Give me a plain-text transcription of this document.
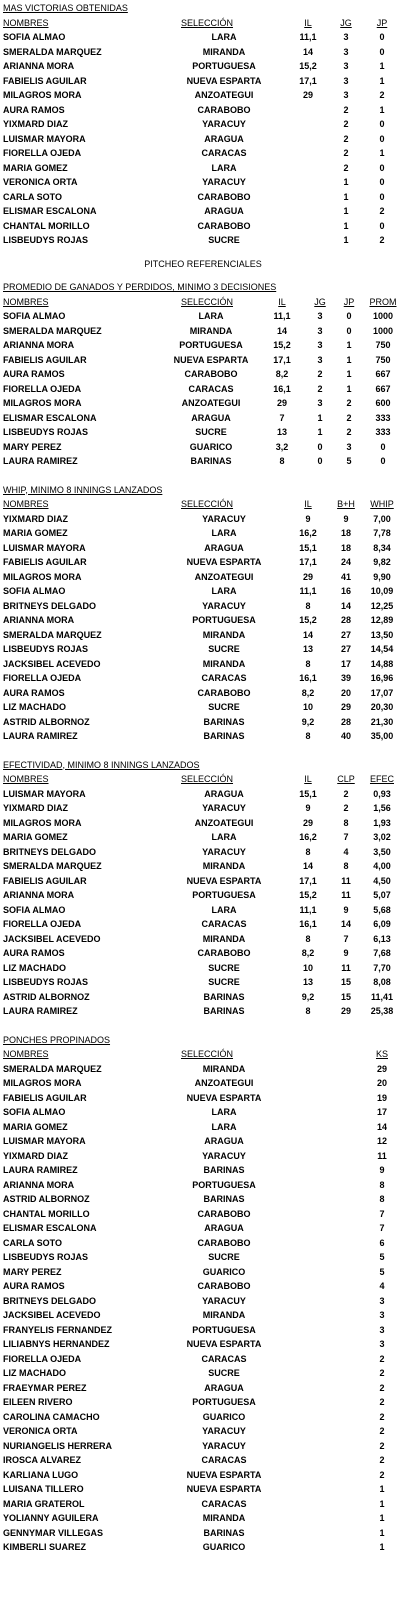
MAS VICTORIAS OBTENIDAS
NOMBRES	SELECCIÓN	IL	JG	JP
SOFIA ALMAO	LARA	11,1	3	0
SMERALDA MARQUEZ	MIRANDA	14	3	0
ARIANNA MORA	PORTUGUESA	15,2	3	1
FABIELIS AGUILAR	NUEVA ESPARTA	17,1	3	1
MILAGROS MORA	ANZOATEGUI	29	3	2
AURA RAMOS	CARABOBO		2	1
YIXMARD DIAZ	YARACUY		2	0
LUISMAR MAYORA	ARAGUA		2	0
FIORELLA OJEDA	CARACAS		2	1
MARIA GOMEZ	LARA		2	0
VERONICA ORTA	YARACUY		1	0
CARLA SOTO	CARABOBO		1	0
ELISMAR ESCALONA	ARAGUA		1	2
CHANTAL MORILLO	CARABOBO		1	0
LISBEUDYS ROJAS	SUCRE		1	2
PITCHEO REFERENCIALES
PROMEDIO DE GANADOS Y PERDIDOS, MINIMO 3 DECISIONES
NOMBRES	SELECCIÓN	IL	JG	JP	PROM
SOFIA ALMAO	LARA	11,1	3	0	1000
SMERALDA MARQUEZ	MIRANDA	14	3	0	1000
ARIANNA MORA	PORTUGUESA	15,2	3	1	750
FABIELIS AGUILAR	NUEVA ESPARTA	17,1	3	1	750
AURA RAMOS	CARABOBO	8,2	2	1	667
FIORELLA OJEDA	CARACAS	16,1	2	1	667
MILAGROS MORA	ANZOATEGUI	29	3	2	600
ELISMAR ESCALONA	ARAGUA	7	1	2	333
LISBEUDYS ROJAS	SUCRE	13	1	2	333
MARY PEREZ	GUARICO	3,2	0	3	0
LAURA RAMIREZ	BARINAS	8	0	5	0
WHIP, MINIMO 8 INNINGS LANZADOS
NOMBRES	SELECCIÓN	IL	B+H	WHIP
YIXMARD DIAZ	YARACUY	9	9	7,00
MARIA GOMEZ	LARA	16,2	18	7,78
LUISMAR MAYORA	ARAGUA	15,1	18	8,34
FABIELIS AGUILAR	NUEVA ESPARTA	17,1	24	9,82
MILAGROS MORA	ANZOATEGUI	29	41	9,90
SOFIA ALMAO	LARA	11,1	16	10,09
BRITNEYS DELGADO	YARACUY	8	14	12,25
ARIANNA MORA	PORTUGUESA	15,2	28	12,89
SMERALDA MARQUEZ	MIRANDA	14	27	13,50
LISBEUDYS ROJAS	SUCRE	13	27	14,54
JACKSIBEL ACEVEDO	MIRANDA	8	17	14,88
FIORELLA OJEDA	CARACAS	16,1	39	16,96
AURA RAMOS	CARABOBO	8,2	20	17,07
LIZ MACHADO	SUCRE	10	29	20,30
ASTRID ALBORNOZ	BARINAS	9,2	28	21,30
LAURA RAMIREZ	BARINAS	8	40	35,00
EFECTIVIDAD, MINIMO 8 INNINGS LANZADOS
NOMBRES	SELECCIÓN	IL	CLP	EFEC
LUISMAR MAYORA	ARAGUA	15,1	2	0,93
YIXMARD DIAZ	YARACUY	9	2	1,56
MILAGROS MORA	ANZOATEGUI	29	8	1,93
MARIA GOMEZ	LARA	16,2	7	3,02
BRITNEYS DELGADO	YARACUY	8	4	3,50
SMERALDA MARQUEZ	MIRANDA	14	8	4,00
FABIELIS AGUILAR	NUEVA ESPARTA	17,1	11	4,50
ARIANNA MORA	PORTUGUESA	15,2	11	5,07
SOFIA ALMAO	LARA	11,1	9	5,68
FIORELLA OJEDA	CARACAS	16,1	14	6,09
JACKSIBEL ACEVEDO	MIRANDA	8	7	6,13
AURA RAMOS	CARABOBO	8,2	9	7,68
LIZ MACHADO	SUCRE	10	11	7,70
LISBEUDYS ROJAS	SUCRE	13	15	8,08
ASTRID ALBORNOZ	BARINAS	9,2	15	11,41
LAURA RAMIREZ	BARINAS	8	29	25,38
PONCHES PROPINADOS
NOMBRES	SELECCIÓN			KS
SMERALDA MARQUEZ	MIRANDA			29
MILAGROS MORA	ANZOATEGUI			20
FABIELIS AGUILAR	NUEVA ESPARTA			19
SOFIA ALMAO	LARA			17
MARIA GOMEZ	LARA			14
LUISMAR MAYORA	ARAGUA			12
YIXMARD DIAZ	YARACUY			11
LAURA RAMIREZ	BARINAS			9
ARIANNA MORA	PORTUGUESA			8
ASTRID ALBORNOZ	BARINAS			8
CHANTAL MORILLO	CARABOBO			7
ELISMAR ESCALONA	ARAGUA			7
CARLA SOTO	CARABOBO			6
LISBEUDYS ROJAS	SUCRE			5
MARY PEREZ	GUARICO			5
AURA RAMOS	CARABOBO			4
BRITNEYS DELGADO	YARACUY			3
JACKSIBEL ACEVEDO	MIRANDA			3
FRANYELIS FERNANDEZ	PORTUGUESA			3
LILIABNYS HERNANDEZ	NUEVA ESPARTA			3
FIORELLA OJEDA	CARACAS			2
LIZ MACHADO	SUCRE			2
FRAEYMAR PEREZ	ARAGUA			2
EILEEN RIVERO	PORTUGUESA			2
CAROLINA CAMACHO	GUARICO			2
VERONICA ORTA	YARACUY			2
NURIANGELIS HERRERA	YARACUY			2
IROSCA ALVAREZ	CARACAS			2
KARLIANA LUGO	NUEVA ESPARTA			2
LUISANA TILLERO	NUEVA ESPARTA			1
MARIA GRATEROL	CARACAS			1
YOLIANNY AGUILERA	MIRANDA			1
GENNYMAR VILLEGAS	BARINAS			1
KIMBERLI SUAREZ	GUARICO			1
